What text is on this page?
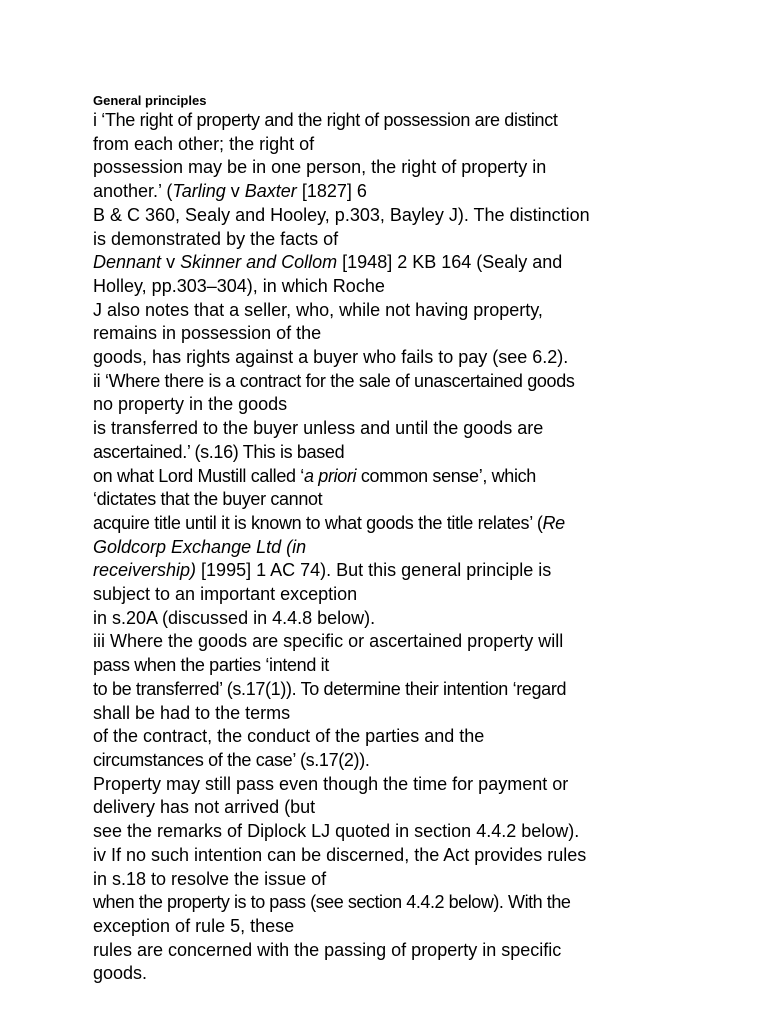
General principles
i ‘The right of property and the right of possession are distinct
from each other; the right of
possession may be in one person, the right of property in
another.’ (Tarling v Baxter [1827] 6
B & C 360, Sealy and Hooley, p.303, Bayley J). The distinction
is demonstrated by the facts of
Dennant v Skinner and Collom [1948] 2 KB 164 (Sealy and
Holley, pp.303–304), in which Roche
J also notes that a seller, who, while not having property,
remains in possession of the
goods, has rights against a buyer who fails to pay (see 6.2).
ii ‘Where there is a contract for the sale of unascertained goods
no property in the goods
is transferred to the buyer unless and until the goods are
ascertained.’ (s.16) This is based
on what Lord Mustill called ‘a priori common sense’, which
‘dictates that the buyer cannot
acquire title until it is known to what goods the title relates’ (Re
Goldcorp Exchange Ltd (in
receivership) [1995] 1 AC 74). But this general principle is
subject to an important exception
in s.20A (discussed in 4.4.8 below).
iii Where the goods are specific or ascertained property will
pass when the parties ‘intend it
to be transferred’ (s.17(1)). To determine their intention ‘regard
shall be had to the terms
of the contract, the conduct of the parties and the
circumstances of the case’ (s.17(2)).
Property may still pass even though the time for payment or
delivery has not arrived (but
see the remarks of Diplock LJ quoted in section 4.4.2 below).
iv If no such intention can be discerned, the Act provides rules
in s.18 to resolve the issue of
when the property is to pass (see section 4.4.2 below). With the
exception of rule 5, these
rules are concerned with the passing of property in specific
goods.
